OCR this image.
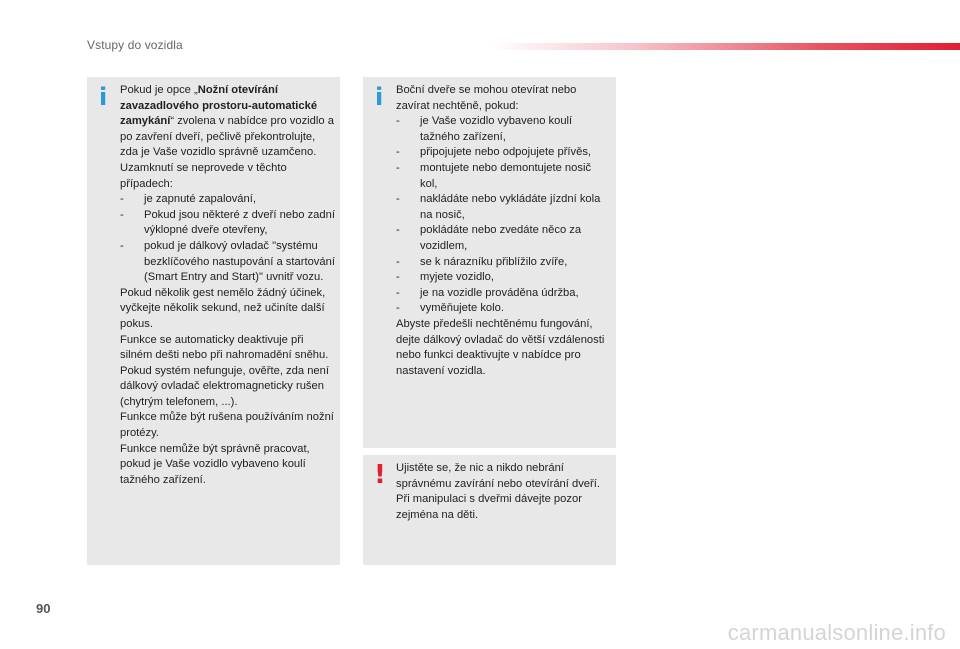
Vstupy do vozidla
i Pokud je opce „Nožní otevírání zavazadlového prostoru-automatické zamykání“ zvolena v nabídce pro vozidlo a po zavření dveří, pečlivě překontrolujte, zda je Vaše vozidlo správně uzamčeno.

Uzamknutí se neprovede v těchto případech:

- je zapnuté zapalování,
- Pokud jsou některé z dveří nebo zadní výklopné dveře otevřeny,
- pokud je dálkový ovladač "systému bezklíčového nastupování a startování (Smart Entry and Start)" uvnitř vozu.

Pokud několik gest nemělo žádný účinek, vyčkejte několik sekund, než učiníte další pokus.

Funkce se automaticky deaktivuje při silném dešti nebo při nahromadění sněhu.

Pokud systém nefunguje, ověřte, zda není dálkový ovladač elektromagneticky rušen (chytrým telefonem, ...).

Funkce může být rušena používáním nožní protézy.

Funkce nemůže být správně pracovat, pokud je Vaše vozidlo vybaveno koulí tažného zařízení.

i Boční dveře se mohou otevírat nebo zavírat nechtěně, pokud:

- je Vaše vozidlo vybaveno koulí tažného zařízení,
- připojujete nebo odpojujete přívěs,
- montujete nebo demontujete nosič kol,
- nakládáte nebo vykládáte jízdní kola na nosič,
- pokládáte nebo zvedáte něco za vozidlem,
- se k nárazníku přiblížilo zvíře,
- myjete vozidlo,
- je na vozidle prováděna údržba,
- vyměňujete kolo.

Abyste předešli nechtěnému fungování, dejte dálkový ovladač do větší vzdálenosti nebo funkci deaktivujte v nabídce pro nastavení vozidla.

! Ujistěte se, že nic a nikdo nebrání správnému zavírání nebo otevírání dveří.

Při manipulaci s dveřmi dávejte pozor zejména na děti.

90
carmanualsonline.info
